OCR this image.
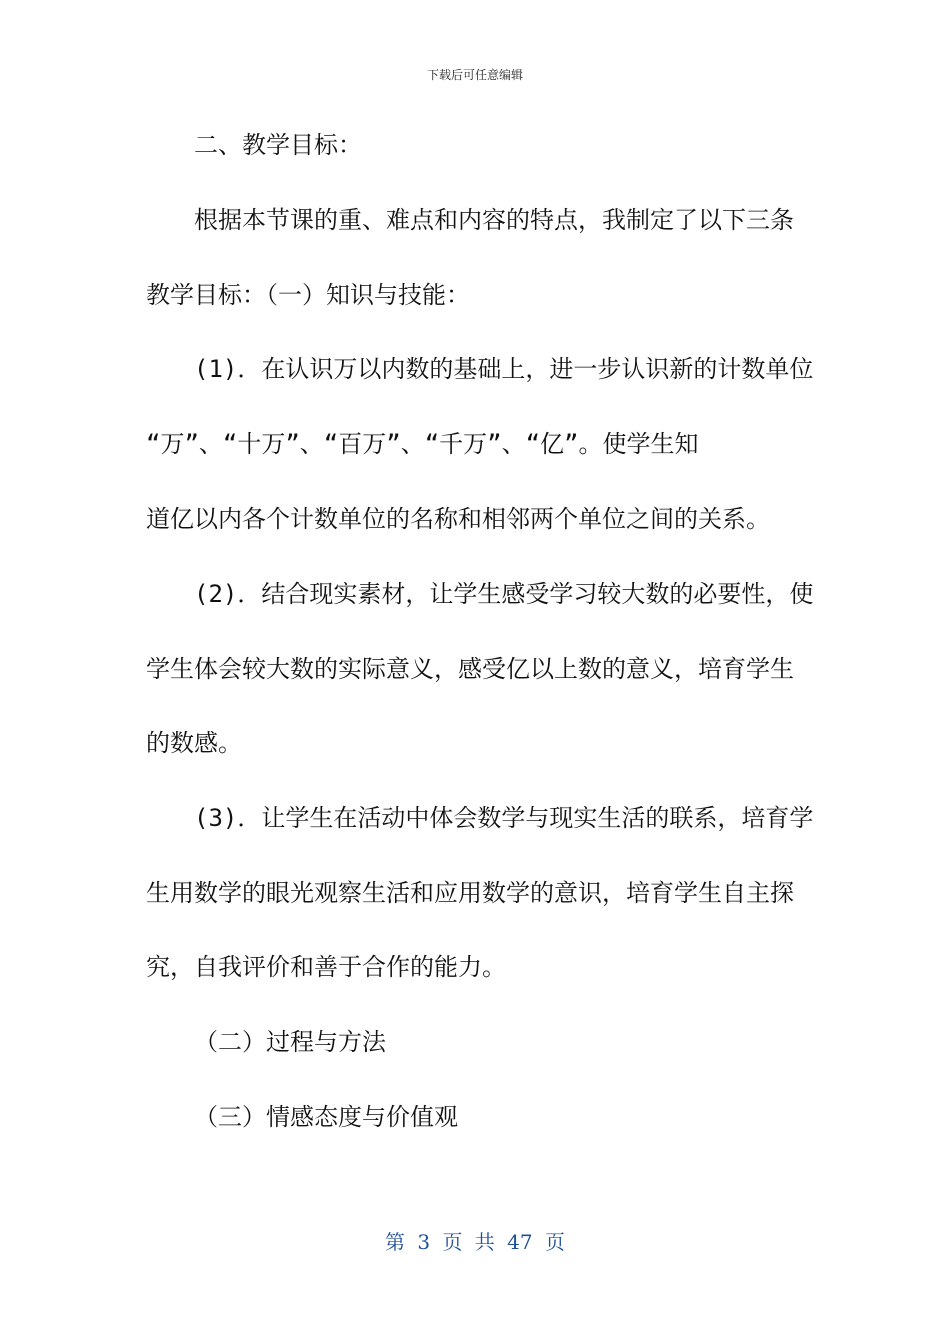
下载后可任意编辑
二、教学目标：
根据本节课的重、难点和内容的特点，我制定了以下三条
教学目标：（一）知识与技能：
(1)．在认识万以内数的基础上，进一步认识新的计数单位
“万”、“十万”、“百万”、“千万”、“亿”。使学生知
道亿以内各个计数单位的名称和相邻两个单位之间的关系。
(2)．结合现实素材，让学生感受学习较大数的必要性，使
学生体会较大数的实际意义，感受亿以上数的意义，培育学生
的数感。
(3)．让学生在活动中体会数学与现实生活的联系，培育学
生用数学的眼光观察生活和应用数学的意识，培育学生自主探
究，自我评价和善于合作的能力。
（二）过程与方法
（三）情感态度与价值观
第 3 页 共 47 页
